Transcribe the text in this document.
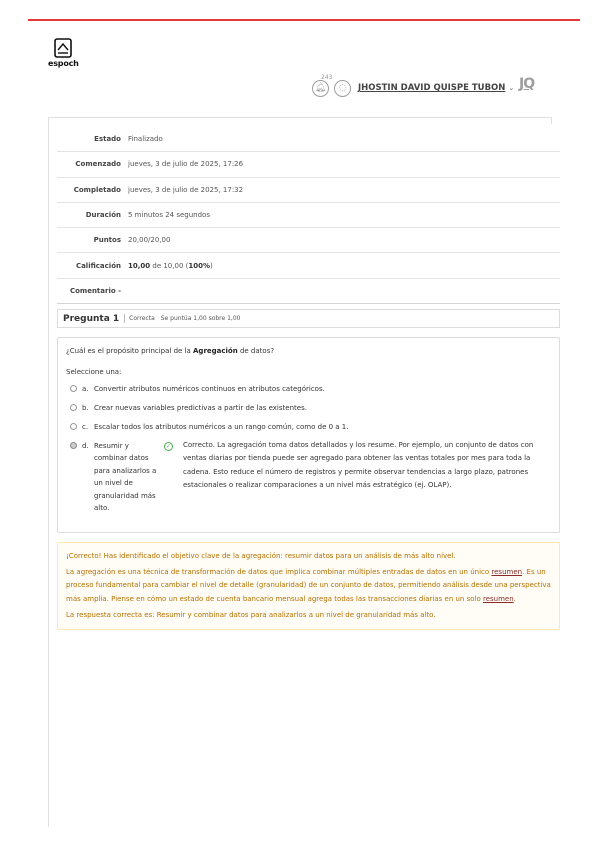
espoch
243
🔔︎ ◌ JHOSTIN DAVID QUISPE TUBON ⌄ JQ
Estado	Finalizado
Comenzado	jueves, 3 de julio de 2025, 17:26
Completado	jueves, 3 de julio de 2025, 17:32
Duración	5 minutos 24 segundos
Puntos	20,00/20,00
Calificación	10,00 de 10,00 (100%)
Comentario -
Pregunta 1 Correcta Se puntúa 1,00 sobre 1,00
¿Cuál es el propósito principal de la Agregación de datos?
Seleccione una:
a. Convertir atributos numéricos continuos en atributos categóricos.
b. Crear nuevas variables predictivas a partir de las existentes.
c. Escalar todos los atributos numéricos a un rango común, como de 0 a 1.
d. Resumir y combinar datos para analizarlos a un nivel de granularidad más alto.
✓ Correcto. La agregación toma datos detallados y los resume. Por ejemplo, un conjunto de datos con ventas diarias por tienda puede ser agregado para obtener las ventas totales por mes para toda la cadena. Esto reduce el número de registros y permite observar tendencias a largo plazo, patrones estacionales o realizar comparaciones a un nivel más estratégico (ej. OLAP).

¡Correcto! Has identificado el objetivo clave de la agregación: resumir datos para un análisis de más alto nivel.

La agregación es una técnica de transformación de datos que implica combinar múltiples entradas de datos en un único resumen. Es un proceso fundamental para cambiar el nivel de detalle (granularidad) de un conjunto de datos, permitiendo análisis desde una perspectiva más amplia. Piense en cómo un estado de cuenta bancario mensual agrega todas las transacciones diarias en un solo resumen.

La respuesta correcta es: Resumir y combinar datos para analizarlos a un nivel de granularidad más alto.
